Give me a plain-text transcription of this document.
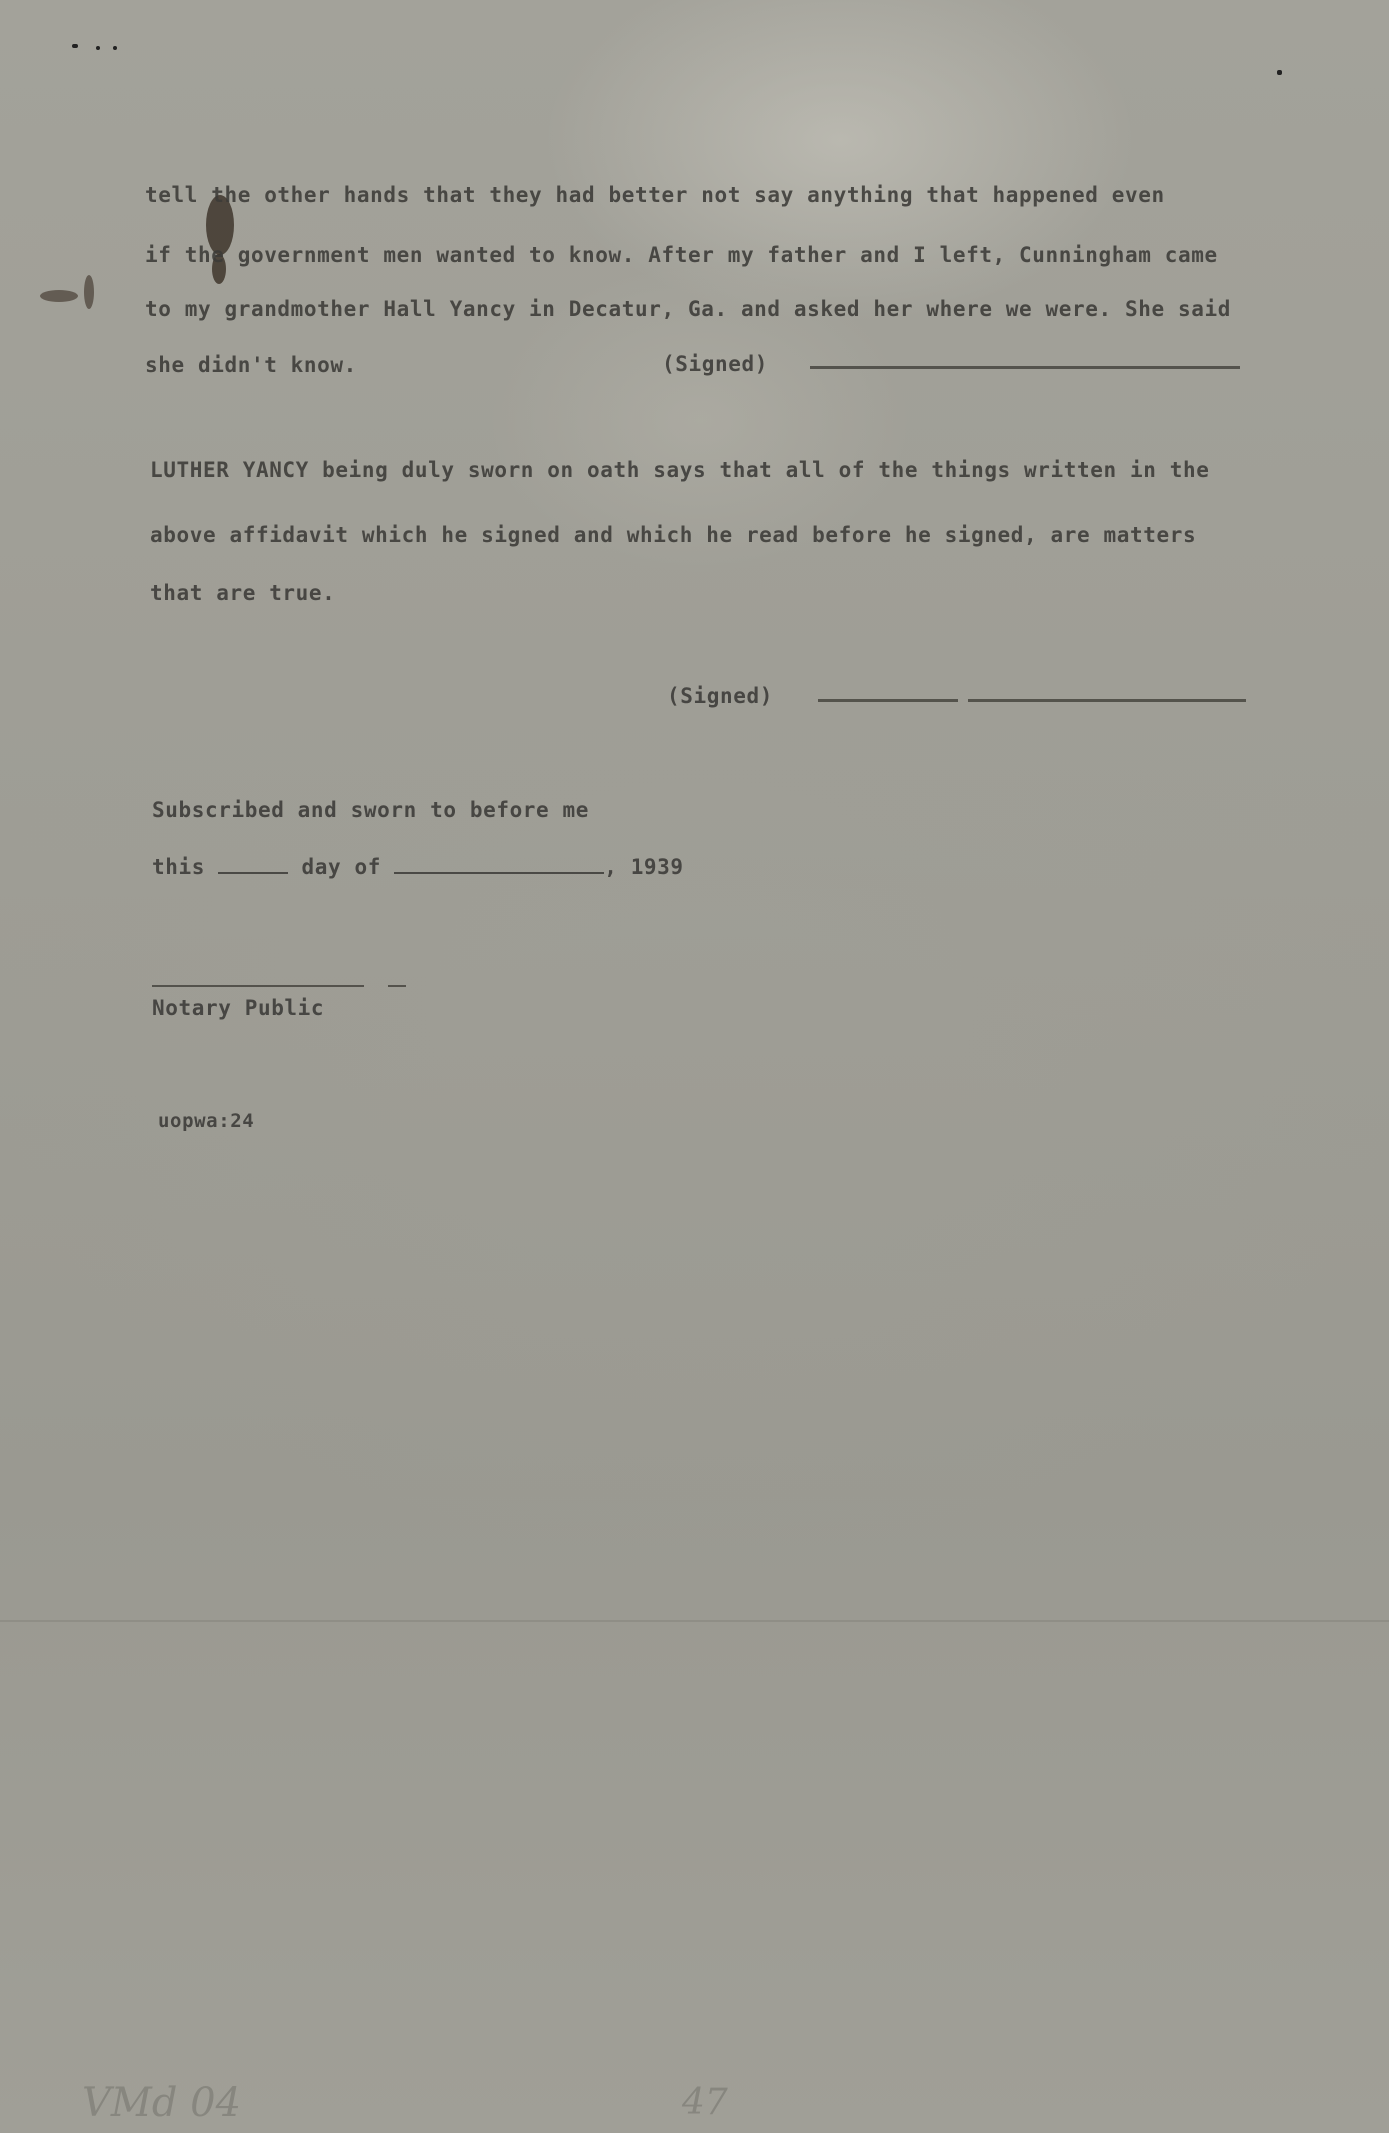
tell the other hands that they had better not say anything that happened even
if the government men wanted to know. After my father and I left, Cunningham came
to my grandmother Hall Yancy in Decatur, Ga. and asked her where we were. She said
she didn't know.	(Signed)
LUTHER YANCY being duly sworn on oath says that all of the things written in the
above affidavit which he signed and which he read before he signed, are matters
that are true.
(Signed)
Subscribed and sworn to before me
this	day of	, 1939
Notary Public
uopwa:24
VMd 04	47
